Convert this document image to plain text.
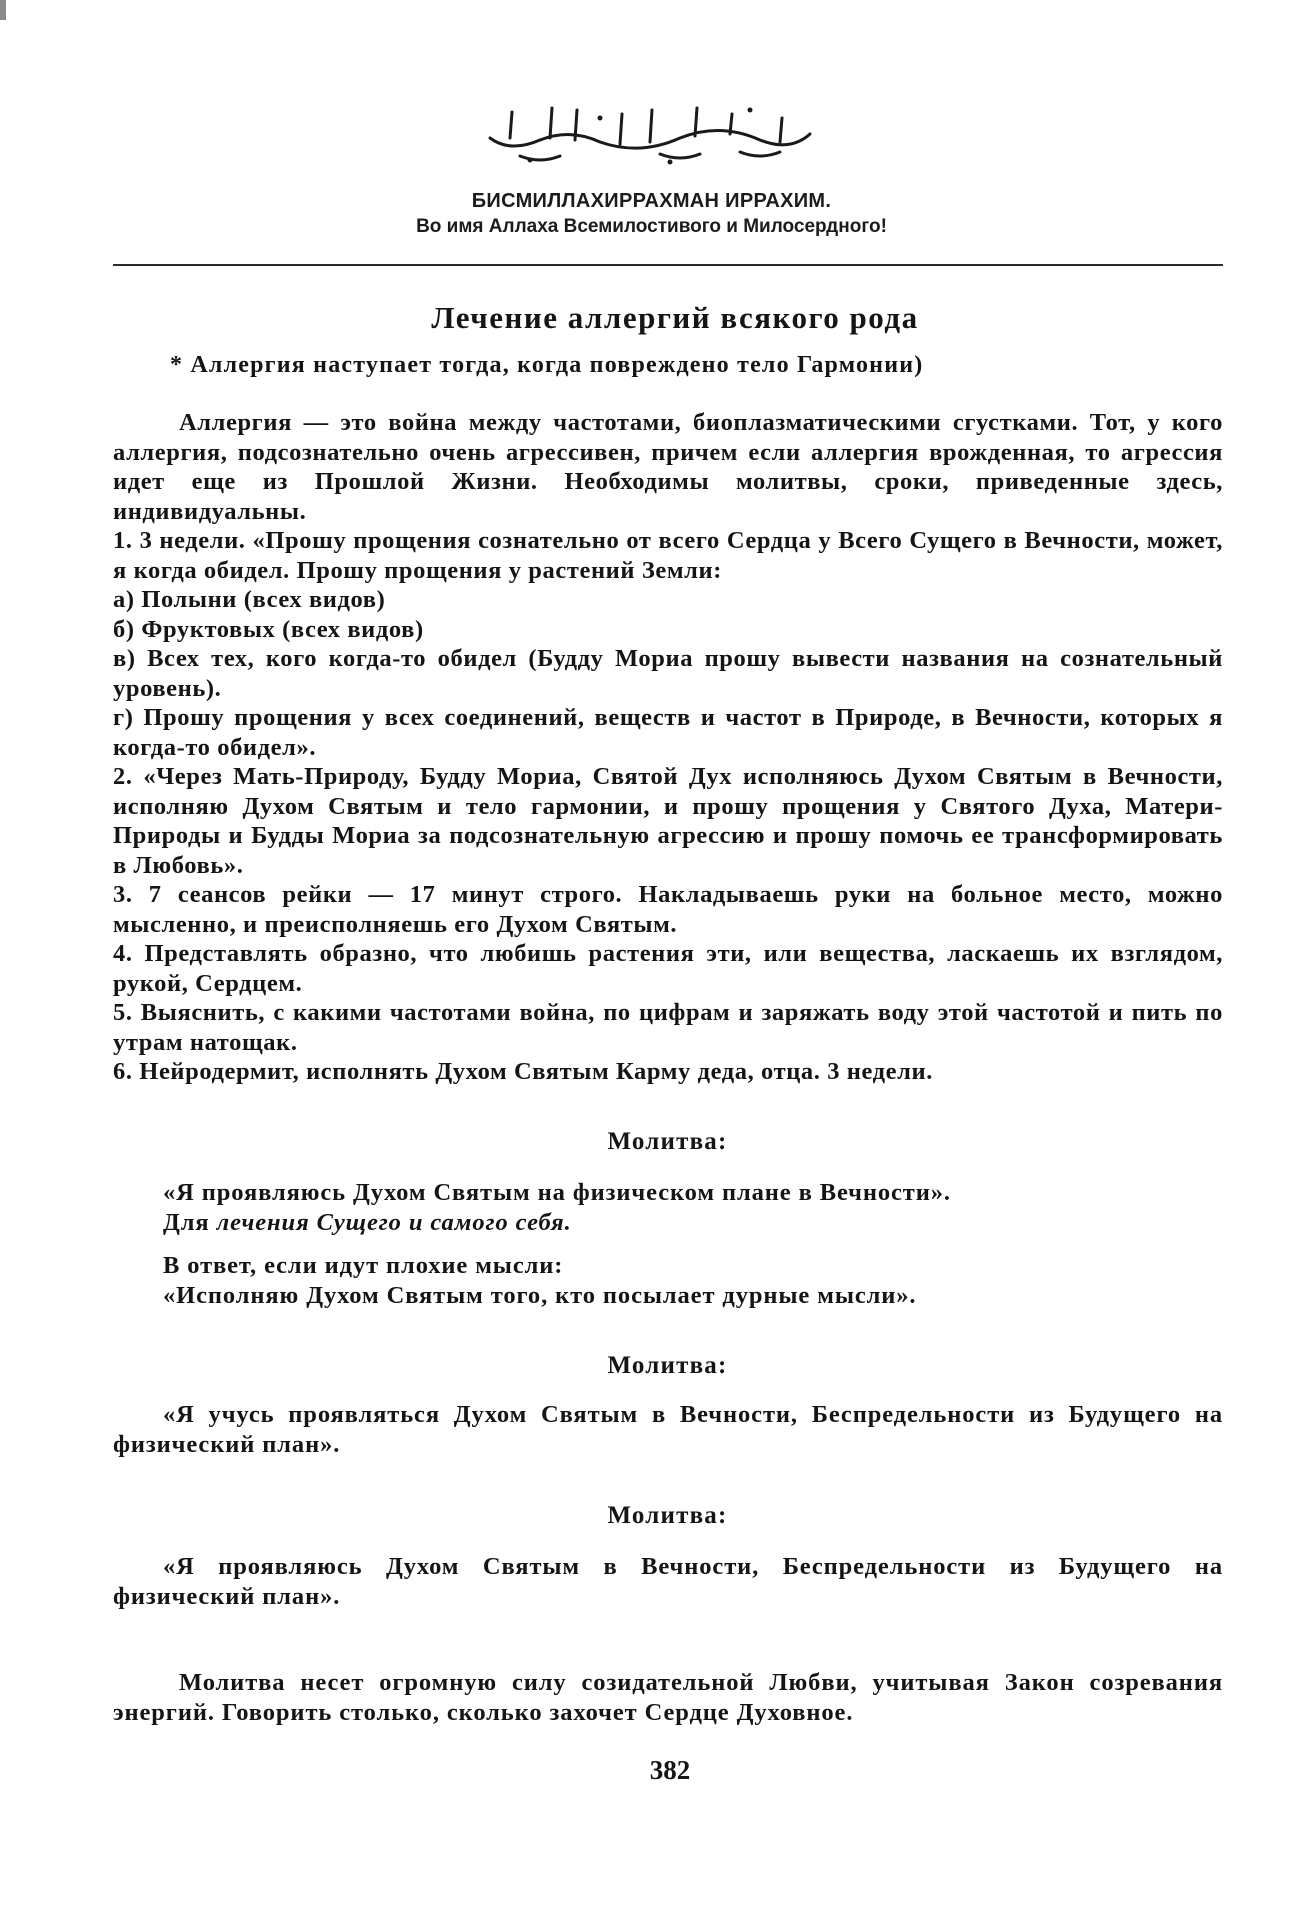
БИСМИЛЛАХИРРАХМАН ИРРАХИМ.
Во имя Аллаха Всемилостивого и Милосердного!
Лечение аллергий всякого рода
* Аллергия наступает тогда, когда повреждено тело Гармонии)

Аллергия — это война между частотами, биоплазматическими сгустками. Тот, у кого аллергия, подсознательно очень агрессивен, причем если аллергия врожденная, то агрессия идет еще из Прошлой Жизни. Необходимы молитвы, сроки, приведенные здесь, индивидуальны.

1. 3 недели. «Прошу прощения сознательно от всего Сердца у Всего Сущего в Вечности, может, я когда обидел. Прошу прощения у растений Земли:

а) Полыни (всех видов)

б) Фруктовых (всех видов)

в) Всех тех, кого когда-то обидел (Будду Мориа прошу вывести названия на сознательный уровень).

г) Прошу прощения у всех соединений, веществ и частот в Природе, в Вечности, которых я когда-то обидел».

2. «Через Мать-Природу, Будду Мориа, Святой Дух исполняюсь Духом Святым в Вечности, исполняю Духом Святым и тело гармонии, и прошу прощения у Святого Духа, Матери-Природы и Будды Мориа за подсознательную агрессию и прошу помочь ее трансформировать в Любовь».

3. 7 сеансов рейки — 17 минут строго. Накладываешь руки на больное место, можно мысленно, и преисполняешь его Духом Святым.

4. Представлять образно, что любишь растения эти, или вещества, ласкаешь их взглядом, рукой, Сердцем.

5. Выяснить, с какими частотами война, по цифрам и заряжать воду этой частотой и пить по утрам натощак.

6. Нейродермит, исполнять Духом Святым Карму деда, отца. 3 недели.

Молитва:

«Я проявляюсь Духом Святым на физическом плане в Вечности».

Для лечения Сущего и самого себя.

В ответ, если идут плохие мысли:

«Исполняю Духом Святым того, кто посылает дурные мысли».

Молитва:
«Я учусь проявляться Духом Святым в Вечности, Беспредельности из Будущего на физический план».
Молитва:
«Я проявляюсь Духом Святым в Вечности, Беспредельности из Будущего на физический план».
Молитва несет огромную силу созидательной Любви, учитывая Закон созревания энергий. Говорить столько, сколько захочет Сердце Духовное.
382
